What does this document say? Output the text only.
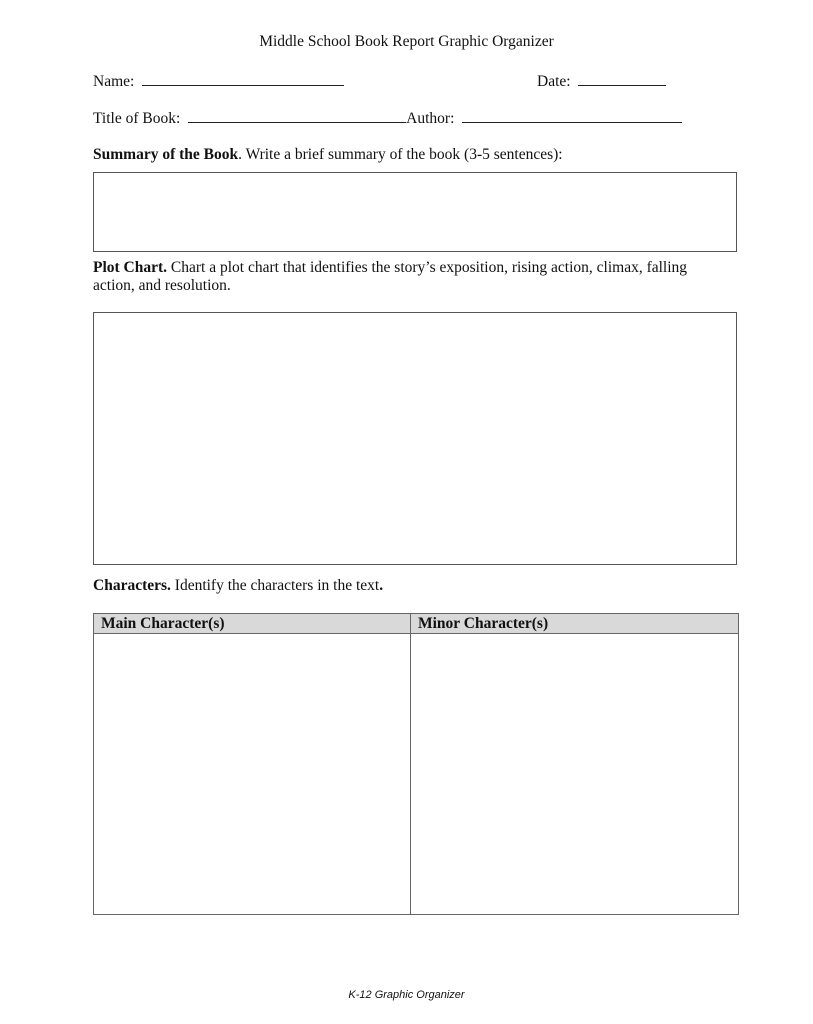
Middle School Book Report Graphic Organizer
Name:	Date:
Title of Book:	Author:
Summary of the Book. Write a brief summary of the book (3-5 sentences):
Plot Chart. Chart a plot chart that identifies the story’s exposition, rising action, climax, falling
action, and resolution.
Characters. Identify the characters in the text.
Main Character(s)	Minor Character(s)

K-12 Graphic Organizer
